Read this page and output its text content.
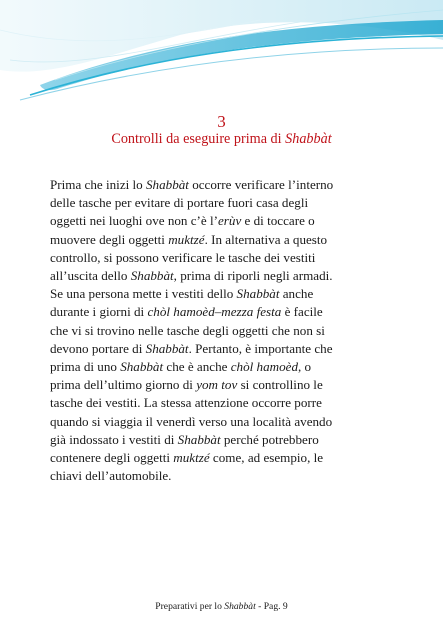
3
Controlli da eseguire prima di Shabbàt
Prima che inizi lo Shabbàt occorre verificare l’interno
delle tasche per evitare di portare fuori casa degli
oggetti nei luoghi ove non c’è l’erùv e di toccare o
muovere degli oggetti muktzé. In alternativa a questo
controllo, si possono verificare le tasche dei vestiti
all’uscita dello Shabbàt, prima di riporli negli armadi.
Se una persona mette i vestiti dello Shabbàt anche
durante i giorni di chòl hamoèd–mezza festa è facile
che vi si trovino nelle tasche degli oggetti che non si
devono portare di Shabbàt. Pertanto, è importante che
prima di uno Shabbàt che è anche chòl hamoèd, o
prima dell’ultimo giorno di yom tov si controllino le
tasche dei vestiti. La stessa attenzione occorre porre
quando si viaggia il venerdì verso una località avendo
già indossato i vestiti di Shabbàt perché potrebbero
contenere degli oggetti muktzé come, ad esempio, le
chiavi dell’automobile.
Preparativi per lo Shabbàt - Pag. 9
